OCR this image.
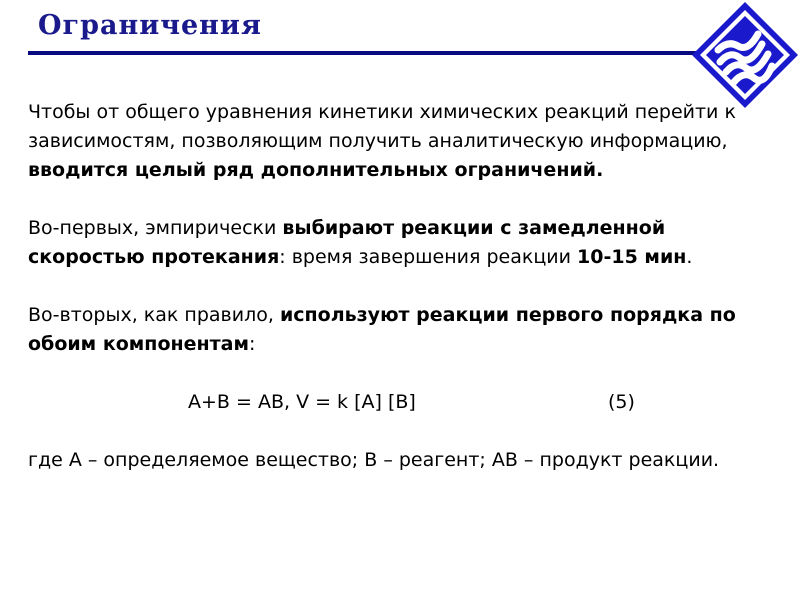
Ограничения

Чтобы от общего уравнения кинетики химических реакций перейти к зависимостям, позволяющим получить аналитическую информацию, вводится целый ряд дополнительных ограничений.

Во-первых, эмпирически выбирают реакции с замедленной скоростью протекания: время завершения реакции 10-15 мин.

Во-вторых, как правило, используют реакции первого порядка по обоим компонентам:

A+B = AB, V = k [A] [B]	(5)

где А – определяемое вещество; В – реагент; АВ – продукт реакции.
